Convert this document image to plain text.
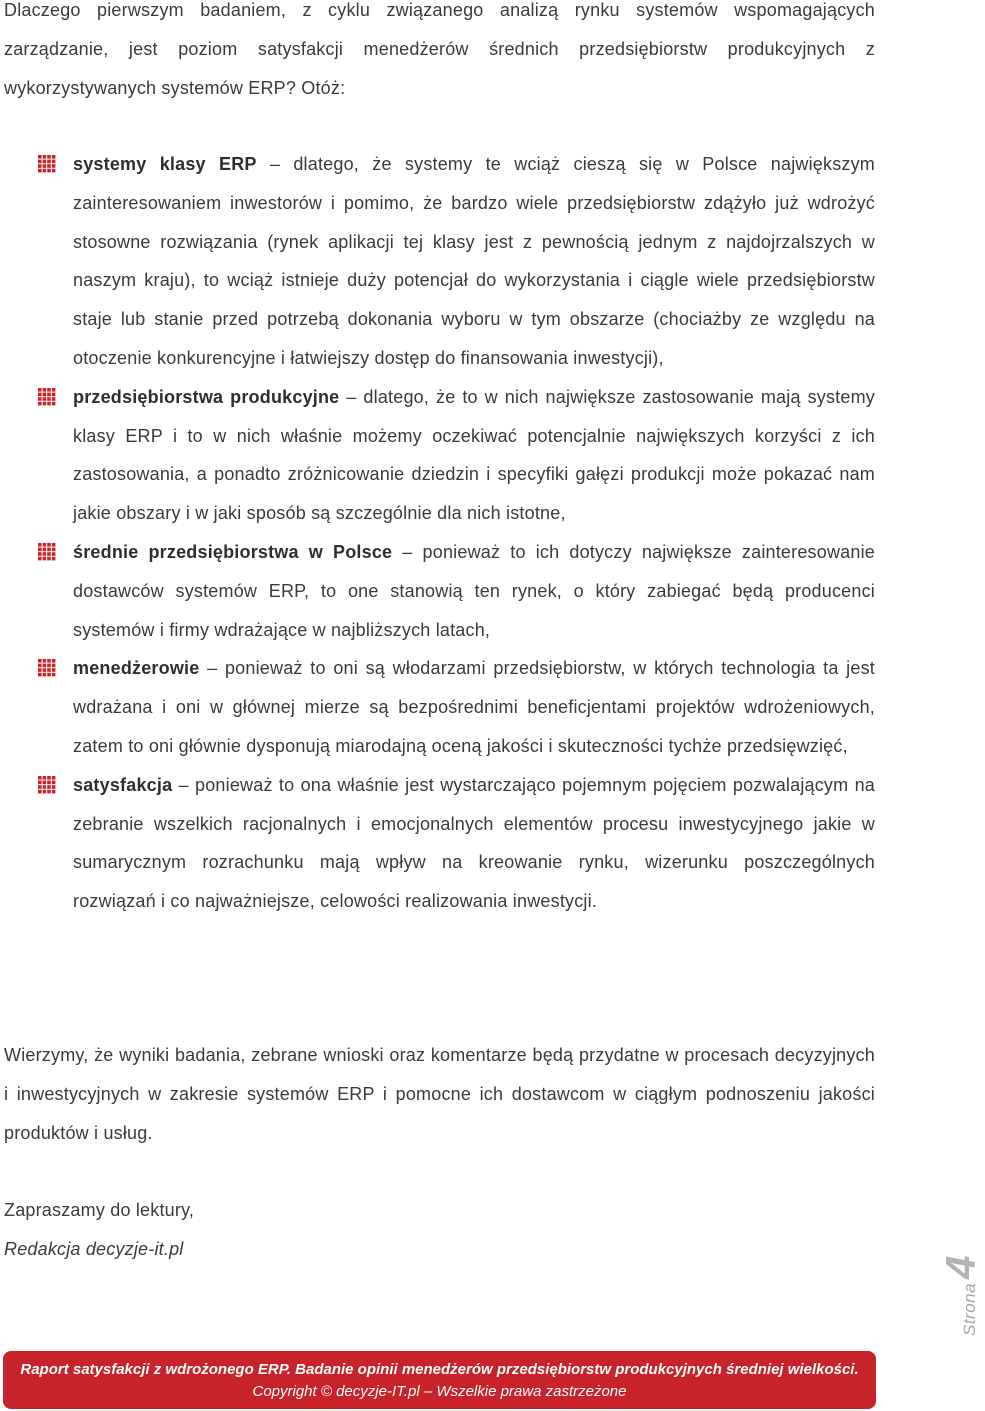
Dlaczego pierwszym badaniem, z cyklu związanego analizą rynku systemów wspomagających zarządzanie, jest poziom satysfakcji menedżerów średnich przedsiębiorstw produkcyjnych z wykorzystywanych systemów ERP? Otóż:
systemy klasy ERP – dlatego, że systemy te wciąż cieszą się w Polsce największym zainteresowaniem inwestorów i pomimo, że bardzo wiele przedsiębiorstw zdążyło już wdrożyć stosowne rozwiązania (rynek aplikacji tej klasy jest z pewnością jednym z najdojrzalszych w naszym kraju), to wciąż istnieje duży potencjał do wykorzystania i ciągle wiele przedsiębiorstw staje lub stanie przed potrzebą dokonania wyboru w tym obszarze (chociażby ze względu na otoczenie konkurencyjne i łatwiejszy dostęp do finansowania inwestycji),
przedsiębiorstwa produkcyjne – dlatego, że to w nich największe zastosowanie mają systemy klasy ERP i to w nich właśnie możemy oczekiwać potencjalnie największych korzyści z ich zastosowania, a ponadto zróżnicowanie dziedzin i specyfiki gałęzi produkcji może pokazać nam jakie obszary i w jaki sposób są szczególnie dla nich istotne,
średnie przedsiębiorstwa w Polsce – ponieważ to ich dotyczy największe zainteresowanie dostawców systemów ERP, to one stanowią ten rynek, o który zabiegać będą producenci systemów i firmy wdrażające w najbliższych latach,
menedżerowie – ponieważ to oni są włodarzami przedsiębiorstw, w których technologia ta jest wdrażana i oni w głównej mierze są bezpośrednimi beneficjentami projektów wdrożeniowych, zatem to oni głównie dysponują miarodajną oceną jakości i skuteczności tychże przedsięwzięć,
satysfakcja – ponieważ to ona właśnie jest wystarczająco pojemnym pojęciem pozwalającym na zebranie wszelkich racjonalnych i emocjonalnych elementów procesu inwestycyjnego jakie w sumarycznym rozrachunku mają wpływ na kreowanie rynku, wizerunku poszczególnych rozwiązań i co najważniejsze, celowości realizowania inwestycji.
Wierzymy, że wyniki badania, zebrane wnioski oraz komentarze będą przydatne w procesach decyzyjnych i inwestycyjnych w zakresie systemów ERP i pomocne ich dostawcom w ciągłym podnoszeniu jakości produktów i usług.
Zapraszamy do lektury,
Redakcja decyzje-it.pl
Strona4
Raport satysfakcji z wdrożonego ERP. Badanie opinii menedżerów przedsiębiorstw produkcyjnych średniej wielkości.
Copyright © decyzje-IT.pl – Wszelkie prawa zastrzeżone
